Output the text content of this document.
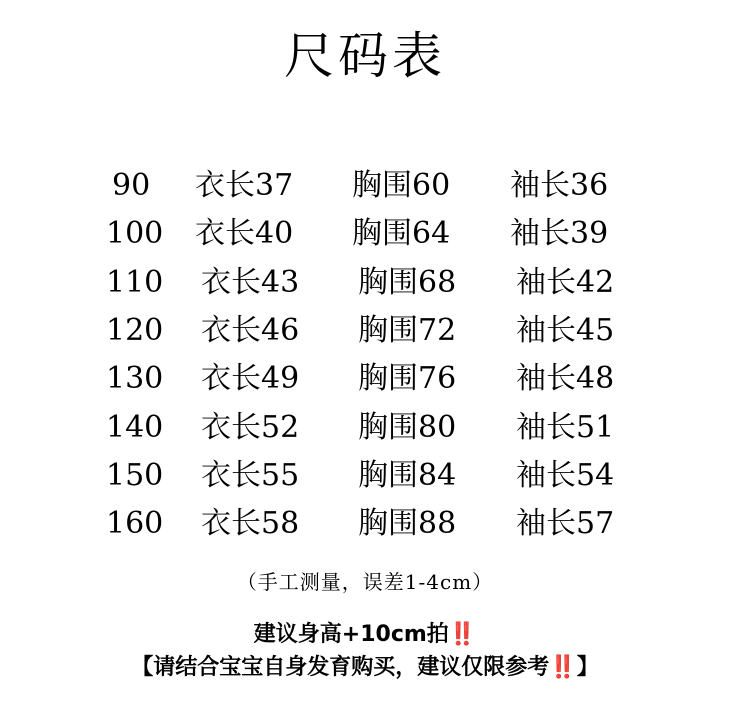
尺码表
90 衣长37 胸围60 袖长36
100 衣长40 胸围64 袖长39
110 衣长43 胸围68 袖长42
120 衣长46 胸围72 袖长45
130 衣长49 胸围76 袖长48
140 衣长52 胸围80 袖长51
150 衣长55 胸围84 袖长54
160 衣长58 胸围88 袖长57
（手工测量，误差1-4cm）
建议身高+10cm拍‼️
【请结合宝宝自身发育购买，建议仅限参考‼️】
